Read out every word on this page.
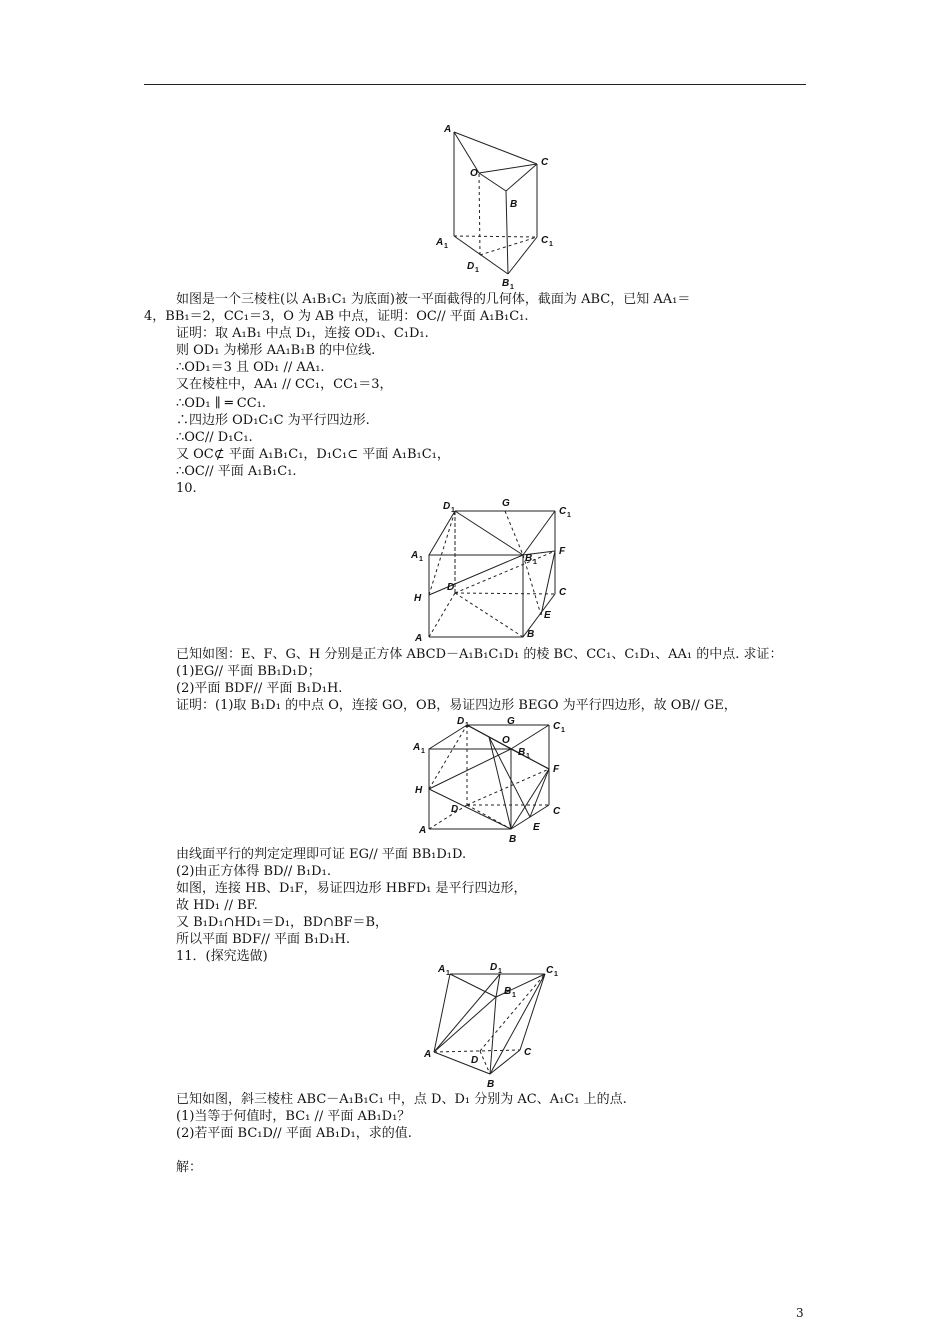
A
C
O
B
A 1
C 1
D 1
B 1

如图是一个三棱柱(以 A₁B₁C₁ 为底面)被一平面截得的几何体，截面为 ABC，已知 AA₁＝

4，BB₁＝2，CC₁＝3，O 为 AB 中点，证明：OC// 平面 A₁B₁C₁.

证明：取 A₁B₁ 中点 D₁，连接 OD₁、C₁D₁.

则 OD₁ 为梯形 AA₁B₁B 的中位线.

∴OD₁＝3 且 OD₁ // AA₁.

又在棱柱中，AA₁ // CC₁，CC₁＝3，

∴OD₁ ∥ ═ CC₁.

∴四边形 OD₁C₁C 为平行四边形.

∴OC// D₁C₁.

又 OC⊄ 平面 A₁B₁C₁，D₁C₁⊂ 平面 A₁B₁C₁，

∴OC// 平面 A₁B₁C₁.

10.

D 1
G
C 1
A 1	B 1
F
D	C
H
E
A	B

已知如图：E、F、G、H 分别是正方体 ABCD－A₁B₁C₁D₁ 的棱 BC、CC₁、C₁D₁、AA₁ 的中点. 求证：

(1)EG// 平面 BB₁D₁D；

(2)平面 BDF// 平面 B₁D₁H.

证明：(1)取 B₁D₁ 的中点 O，连接 GO，OB，易证四边形 BEGO 为平行四边形，故 OB// GE，

D 1	G	C 1
A 1
O
B 1
F
H
D	C
A
B
E

由线面平行的判定定理即可证 EG// 平面 BB₁D₁D.

(2)由正方体得 BD// B₁D₁.

如图，连接 HB、D₁F，易证四边形 HBFD₁ 是平行四边形，

故 HD₁ // BF.

又 B₁D₁∩HD₁＝D₁，BD∩BF＝B，

所以平面 BDF// 平面 B₁D₁H.

11．(探究选做)

A 1
D 1	C 1
B 1
A
D
C
B

已知如图，斜三棱柱 ABC－A₁B₁C₁ 中，点 D、D₁ 分别为 AC、A₁C₁ 上的点.

(1)当等于何值时，BC₁ // 平面 AB₁D₁？

(2)若平面 BC₁D// 平面 AB₁D₁，求的值.

解：

3
